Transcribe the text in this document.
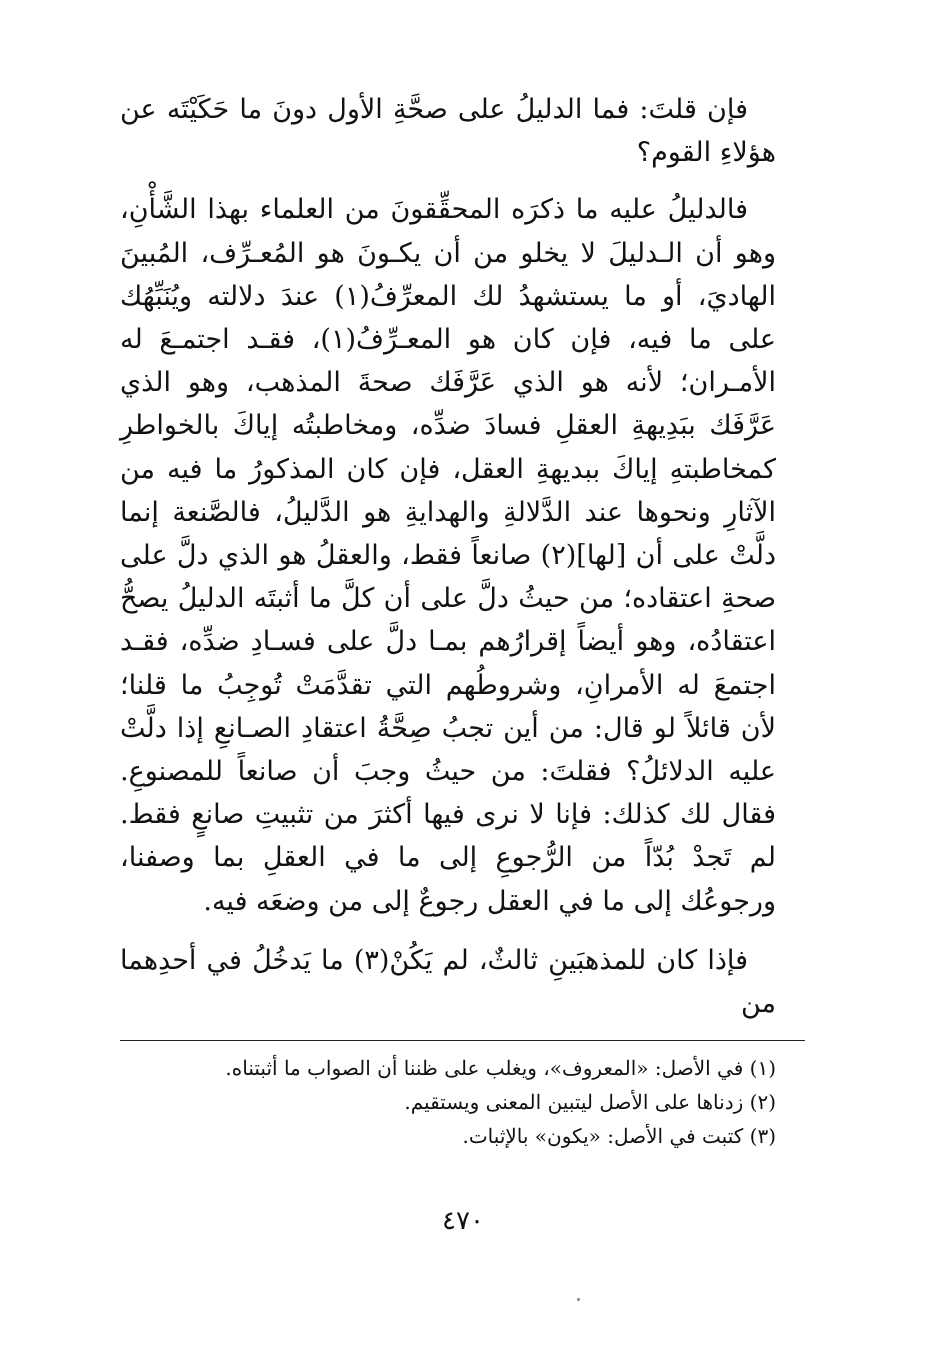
فإن قلتَ: فما الدليلُ على صحَّةِ الأول دونَ ما حَكَيْتَه عن هؤلاءِ القوم؟

فالدليلُ عليه ما ذكرَه المحقِّقونَ من العلماء بهذا الشَّأْنِ، وهو أن الـدليلَ لا يخلو من أن يكـونَ هو المُعـرِّف، المُبينَ الهاديَ، أو ما يستشهدُ لك المعرِّفُ(١) عندَ دلالته ويُنَبِّهُك على ما فيه، فإن كان هو المعـرِّفُ(١)، فقـد اجتمـعَ له الأمـران؛ لأنه هو الذي عَرَّفَك صحةَ المذهب، وهو الذي عَرَّفَك ببَدِيهةِ العقلِ فسادَ ضدِّه، ومخاطبتُه إياكَ بالخواطرِ كمخاطبتهِ إياكَ ببديهةِ العقل، فإن كان المذكورُ ما فيه من الآثارِ ونحوها عند الدَّلالةِ والهدايةِ هو الدَّليلُ، فالصَّنعة إنما دلَّتْ على أن [لها](٢) صانعاً فقط، والعقلُ هو الذي دلَّ على صحةِ اعتقاده؛ من حيثُ دلَّ على أن كلَّ ما أثبتَه الدليلُ يصحُّ اعتقادُه، وهو أيضاً إقرارُهم بمـا دلَّ على فسـادِ ضدِّه، فقـد اجتمعَ له الأمرانِ، وشروطُهم التي تقدَّمَتْ تُوجِبُ ما قلنا؛ لأن قائلاً لو قال: من أين تجبُ صِحَّةُ اعتقادِ الصـانعِ إذا دلَّتْ عليه الدلائلُ؟ فقلتَ: من حيثُ وجبَ أن صانعاً للمصنوعِ. فقال لك كذلك: فإنا لا نرى فيها أكثرَ من تثبيتِ صانعٍ فقط. لم تَجدْ بُدّاً من الرُّجوعِ إلى ما في العقلِ بما وصفنا، ورجوعُك إلى ما في العقل رجوعٌ إلى من وضعَه فيه.

فإذا كان للمذهبَينِ ثالثٌ، لم يَكُنْ(٣) ما يَدخُلُ في أحدِهما من

(١) في الأصل: «المعروف»، ويغلب على ظننا أن الصواب ما أثبتناه.

(٢) زدناها على الأصل ليتبين المعنى ويستقيم.

(٣) كتبت في الأصل: «يكون» بالإثبات.

٤٧٠
